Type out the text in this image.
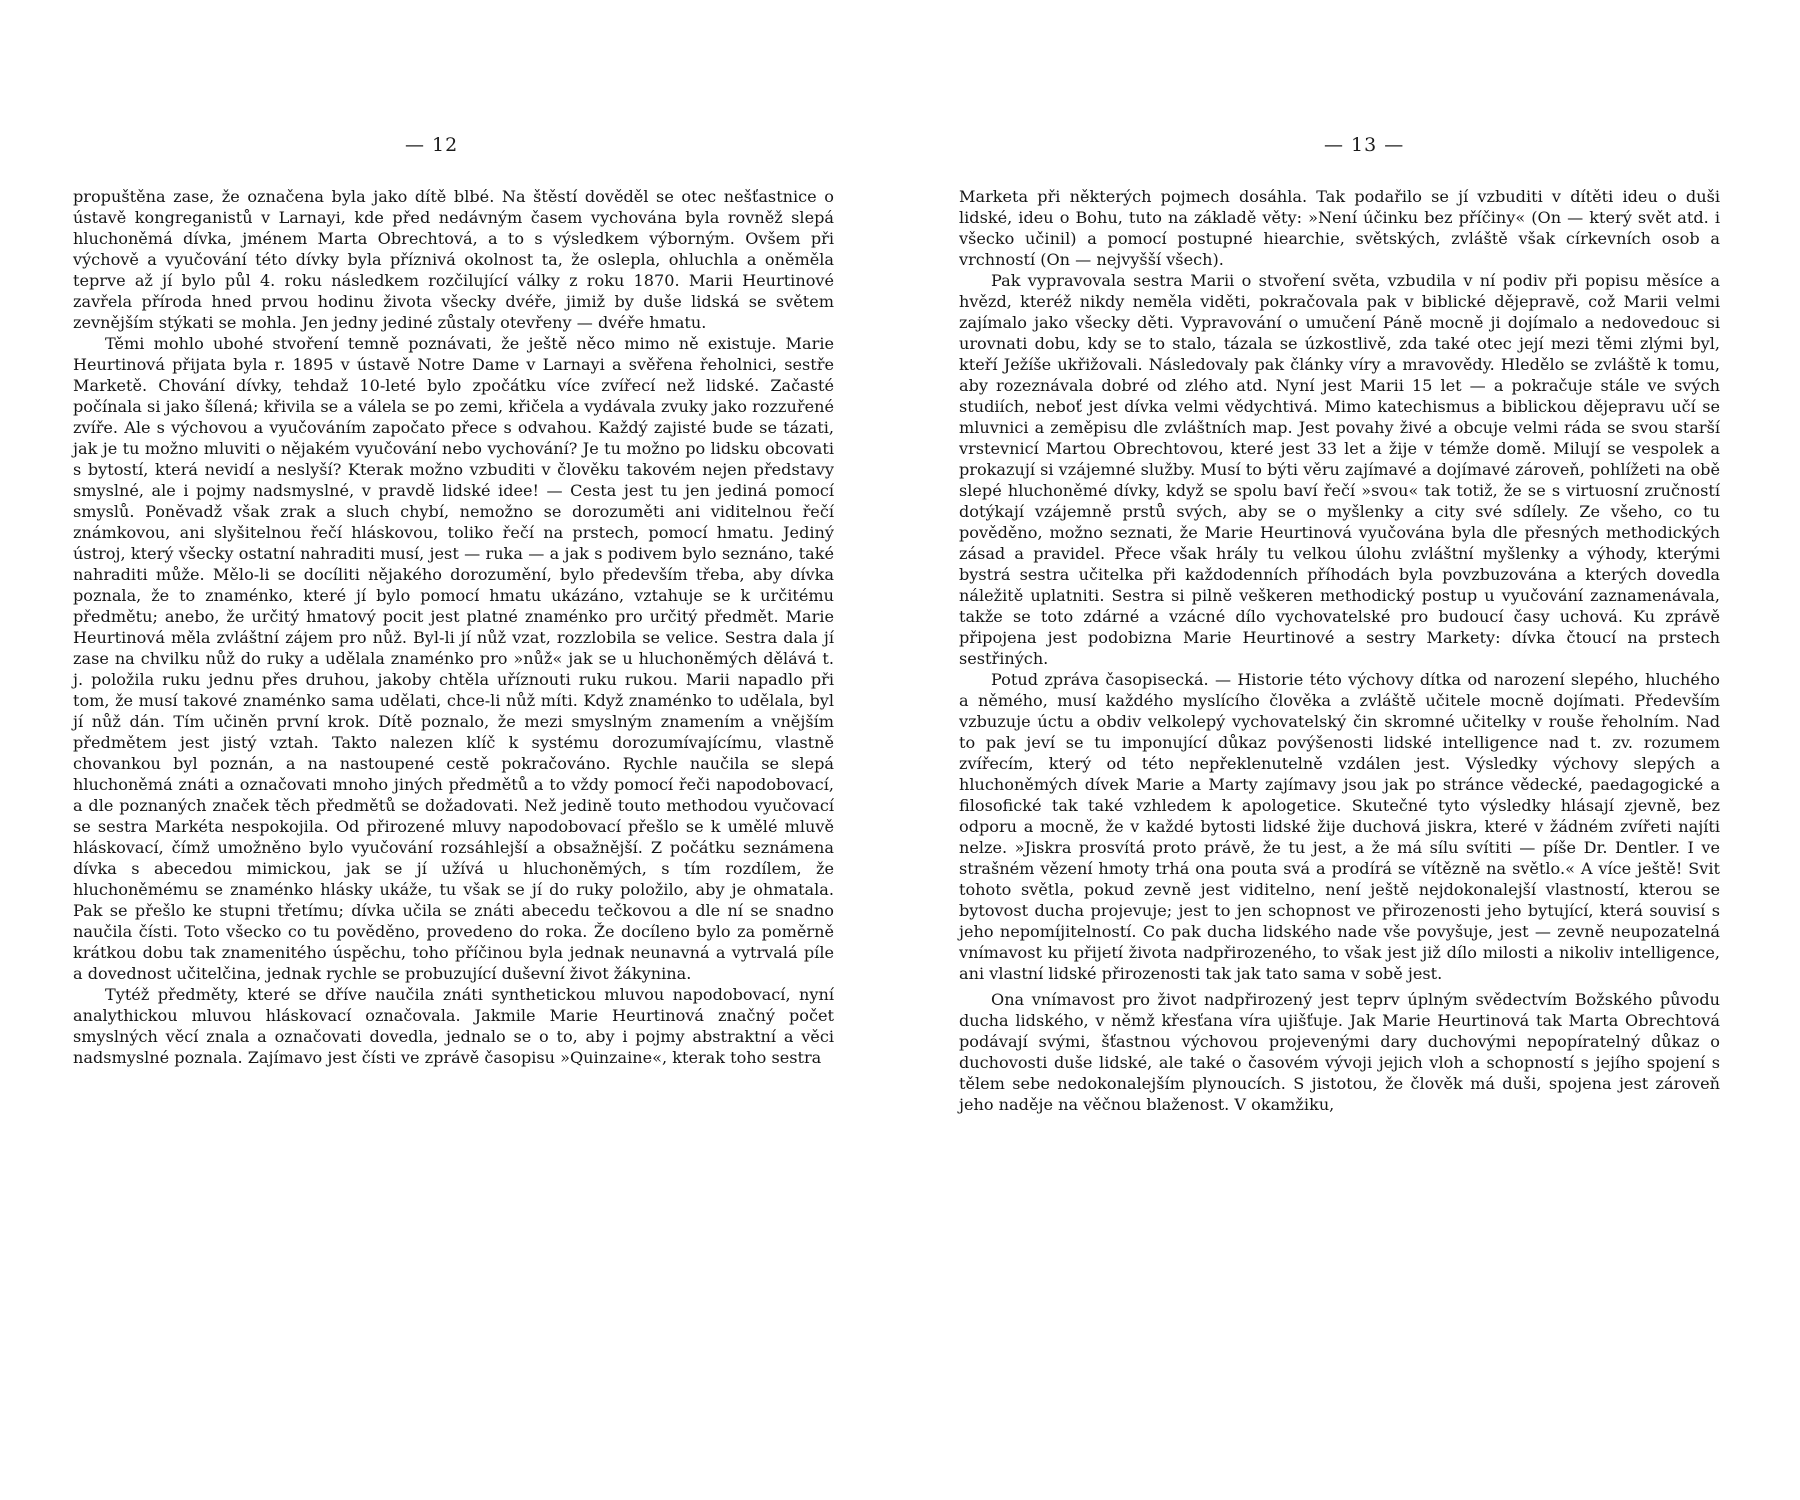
— 12

propuštěna zase, že označena byla jako dítě blbé. Na štěstí dověděl se otec nešťastnice o ústavě kongreganistů v Larnayi, kde před nedávným časem vychována byla rovněž slepá hluchoněmá dívka, jménem Marta Obrechtová, a to s výsledkem výborným. Ovšem při výchově a vyučování této dívky byla příznivá okolnost ta, že oslepla, ohluchla a oněměla teprve až jí bylo půl 4. roku následkem rozčilující války z roku 1870. Marii Heurtinové zavřela příroda hned prvou hodinu života všecky dvéře, jimiž by duše lidská se světem zevnějším stýkati se mohla. Jen jedny jediné zůstaly otevřeny — dvéře hmatu.

Těmi mohlo ubohé stvoření temně poznávati, že ještě něco mimo ně existuje. Marie Heurtinová přijata byla r. 1895 v ústavě Notre Dame v Larnayi a svěřena řeholnici, sestře Marketě. Chování dívky, tehdaž 10-leté bylo zpočátku více zvířecí než lidské. Začasté počínala si jako šílená; křivila se a válela se po zemi, křičela a vydávala zvuky jako rozzuřené zvíře. Ale s výchovou a vyučováním započato přece s odvahou. Každý zajisté bude se tázati, jak je tu možno mluviti o nějakém vyučování nebo vychování? Je tu možno po lidsku obcovati s bytostí, která nevidí a neslyší? Kterak možno vzbuditi v člověku takovém nejen představy smyslné, ale i pojmy nadsmyslné, v pravdě lidské idee! — Cesta jest tu jen jediná pomocí smyslů. Poněvadž však zrak a sluch chybí, nemožno se dorozuměti ani viditelnou řečí známkovou, ani slyšitelnou řečí hláskovou, toliko řečí na prstech, pomocí hmatu. Jediný ústroj, který všecky ostatní nahraditi musí, jest — ruka — a jak s podivem bylo seznáno, také nahraditi může. Mělo-li se docíliti nějakého dorozumění, bylo především třeba, aby dívka poznala, že to znaménko, které jí bylo pomocí hmatu ukázáno, vztahuje se k určitému předmětu; anebo, že určitý hmatový pocit jest platné znaménko pro určitý předmět. Marie Heurtinová měla zvláštní zájem pro nůž. Byl-li jí nůž vzat, rozzlobila se velice. Sestra dala jí zase na chvilku nůž do ruky a udělala znaménko pro »nůž« jak se u hluchoněmých dělává t. j. položila ruku jednu přes druhou, jakoby chtěla uříznouti ruku rukou. Marii napadlo při tom, že musí takové znaménko sama udělati, chce-li nůž míti. Když znaménko to udělala, byl jí nůž dán. Tím učiněn první krok. Dítě poznalo, že mezi smyslným znamením a vnějším předmětem jest jistý vztah. Takto nalezen klíč k systému dorozumívajícímu, vlastně chovankou byl poznán, a na nastoupené cestě pokračováno. Rychle naučila se slepá hluchoněmá znáti a označovati mnoho jiných předmětů a to vždy pomocí řeči napodobovací, a dle poznaných značek těch předmětů se dožadovati. Než jedině touto methodou vyučovací se sestra Markéta nespokojila. Od přirozené mluvy napodobovací přešlo se k umělé mluvě hláskovací, čímž umožněno bylo vyučování rozsáhlejší a obsažnější. Z počátku seznámena dívka s abecedou mimickou, jak se jí užívá u hluchoněmých, s tím rozdílem, že hluchoněmému se znaménko hlásky ukáže, tu však se jí do ruky položilo, aby je ohmatala. Pak se přešlo ke stupni třetímu; dívka učila se znáti abecedu tečkovou a dle ní se snadno naučila čísti. Toto všecko co tu pověděno, provedeno do roka. Že docíleno bylo za poměrně krátkou dobu tak znamenitého úspěchu, toho příčinou byla jednak neunavná a vytrvalá píle a dovednost učitelčina, jednak rychle se probuzující duševní život žákynina.

Tytéž předměty, které se dříve naučila znáti synthetickou mluvou napodobovací, nyní analythickou mluvou hláskovací označovala. Jakmile Marie Heurtinová značný počet smyslných věcí znala a označovati dovedla, jednalo se o to, aby i pojmy abstraktní a věci nadsmyslné poznala. Zajímavo jest čísti ve zprávě časopisu »Quinzaine«, kterak toho sestra

— 13 —

Marketa při některých pojmech dosáhla. Tak podařilo se jí vzbuditi v dítěti ideu o duši lidské, ideu o Bohu, tuto na základě věty: »Není účinku bez příčiny« (On — který svět atd. i všecko učinil) a pomocí postupné hiearchie, světských, zvláště však církevních osob a vrchností (On — nejvyšší všech).

Pak vypravovala sestra Marii o stvoření světa, vzbudila v ní podiv při popisu měsíce a hvězd, kteréž nikdy neměla viděti, pokračovala pak v biblické dějepravě, což Marii velmi zajímalo jako všecky děti. Vypravování o umučení Páně mocně ji dojímalo a nedovedouc si urovnati dobu, kdy se to stalo, tázala se úzkostlivě, zda také otec její mezi těmi zlými byl, kteří Ježíše ukřižovali. Následovaly pak články víry a mravovědy. Hledělo se zvláště k tomu, aby rozeznávala dobré od zlého atd. Nyní jest Marii 15 let — a pokračuje stále ve svých studiích, neboť jest dívka velmi vědychtivá. Mimo katechismus a biblickou dějepravu učí se mluvnici a zeměpisu dle zvláštních map. Jest povahy živé a obcuje velmi ráda se svou starší vrstevnicí Martou Obrechtovou, které jest 33 let a žije v témže domě. Milují se vespolek a prokazují si vzájemné služby. Musí to býti věru zajímavé a dojímavé zároveň, pohlížeti na obě slepé hluchoněmé dívky, když se spolu baví řečí »svou« tak totiž, že se s virtuosní zručností dotýkají vzájemně prstů svých, aby se o myšlenky a city své sdílely. Ze všeho, co tu pověděno, možno seznati, že Marie Heurtinová vyučována byla dle přesných methodických zásad a pravidel. Přece však hrály tu velkou úlohu zvláštní myšlenky a výhody, kterými bystrá sestra učitelka při každodenních příhodách byla povzbuzována a kterých dovedla náležitě uplatniti. Sestra si pilně veškeren methodický postup u vyučování zaznamenávala, takže se toto zdárné a vzácné dílo vychovatelské pro budoucí časy uchová. Ku zprávě připojena jest podobizna Marie Heurtinové a sestry Markety: dívka čtoucí na prstech sestřiných.

Potud zpráva časopisecká. — Historie této výchovy dítka od narození slepého, hluchého a němého, musí každého myslícího člověka a zvláště učitele mocně dojímati. Především vzbuzuje úctu a obdiv velkolepý vychovatelský čin skromné učitelky v rouše řeholním. Nad to pak jeví se tu imponující důkaz povýšenosti lidské intelligence nad t. zv. rozumem zvířecím, který od této nepřeklenutelně vzdálen jest. Výsledky výchovy slepých a hluchoněmých dívek Marie a Marty zajímavy jsou jak po stránce vědecké, paedagogické a filosofické tak také vzhledem k apologetice. Skutečné tyto výsledky hlásají zjevně, bez odporu a mocně, že v každé bytosti lidské žije duchová jiskra, které v žádném zvířeti najíti nelze. »Jiskra prosvítá proto právě, že tu jest, a že má sílu svítiti — píše Dr. Dentler. I ve strašném vězení hmoty trhá ona pouta svá a prodírá se vítězně na světlo.« A více ještě! Svit tohoto světla, pokud zevně jest viditelno, není ještě nejdokonalejší vlastností, kterou se bytovost ducha projevuje; jest to jen schopnost ve přirozenosti jeho bytující, která souvisí s jeho nepomíjitelností. Co pak ducha lidského nade vše povyšuje, jest — zevně neupozatelná vnímavost ku přijetí života nadpřirozeného, to však jest již dílo milosti a nikoliv intelligence, ani vlastní lidské přirozenosti tak jak tato sama v sobě jest.

Ona vnímavost pro život nadpřirozený jest teprv úplným svědectvím Božského původu ducha lidského, v němž křesťana víra ujišťuje. Jak Marie Heurtinová tak Marta Obrechtová podávají svými, šťastnou výchovou projevenými dary duchovými nepopíratelný důkaz o duchovosti duše lidské, ale také o časovém vývoji jejich vloh a schopností s jejího spojení s tělem sebe nedokonalejším plynoucích. S jistotou, že člověk má duši, spojena jest zároveň jeho naděje na věčnou blaženost. V okamžiku,
